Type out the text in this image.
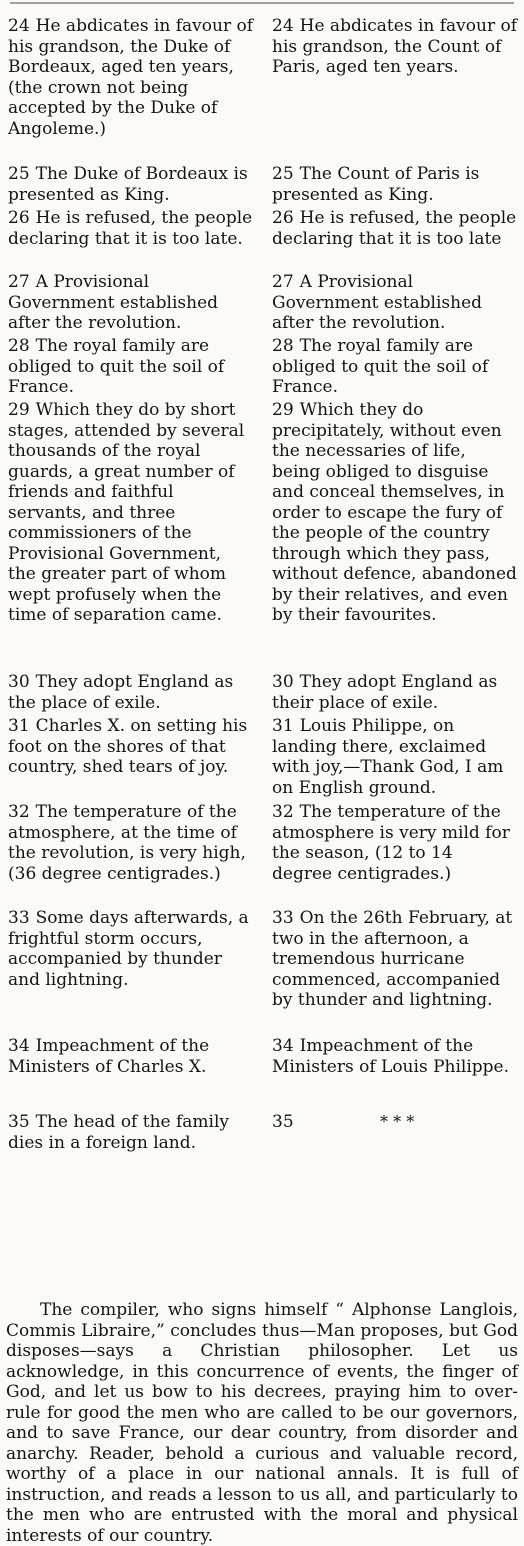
24 He abdicates in favour of his grandson, the Duke of Bordeaux, aged ten years, (the crown not being accepted by the Duke of Angoleme.)
24 He abdicates in favour of his grandson, the Count of Paris, aged ten years.
25 The Duke of Bordeaux is presented as King.
25 The Count of Paris is presented as King.
26 He is refused, the people declaring that it is too late.
26 He is refused, the people declaring that it is too late
27 A Provisional Government established after the revolution.
27 A Provisional Government established after the revolution.
28 The royal family are obliged to quit the soil of France.
28 The royal family are obliged to quit the soil of France.
29 Which they do by short stages, attended by several thousands of the royal guards, a great number of friends and faithful servants, and three commissioners of the Provisional Government, the greater part of whom wept profusely when the time of separation came.
29 Which they do precipitately, without even the necessaries of life, being obliged to disguise and conceal themselves, in order to escape the fury of the people of the country through which they pass, without defence, abandoned by their relatives, and even by their favourites.
30 They adopt England as the place of exile.
30 They adopt England as their place of exile.
31 Charles X. on setting his foot on the shores of that country, shed tears of joy.
31 Louis Philippe, on landing there, exclaimed with joy,—Thank God, I am on English ground.
32 The temperature of the atmosphere, at the time of the revolution, is very high, (36 degree centigrades.)
32 The temperature of the atmosphere is very mild for the season, (12 to 14 degree centigrades.)
33 Some days afterwards, a frightful storm occurs, accompanied by thunder and lightning.
33 On the 26th February, at two in the afternoon, a tremendous hurricane commenced, accompanied by thunder and lightning.
34 Impeachment of the Ministers of Charles X.
34 Impeachment of the Ministers of Louis Philippe.
35 The head of the family dies in a foreign land.
35	* * *

The compiler, who signs himself “ Alphonse Langlois, Commis Libraire,” concludes thus—Man proposes, but God disposes—says a Christian philosopher. Let us acknowledge, in this concurrence of events, the finger of God, and let us bow to his decrees, praying him to over-rule for good the men who are called to be our governors, and to save France, our dear country, from disorder and anarchy. Reader, behold a curious and valuable record, worthy of a place in our national annals. It is full of instruction, and reads a lesson to us all, and particularly to the men who are entrusted with the moral and physical interests of our country.
